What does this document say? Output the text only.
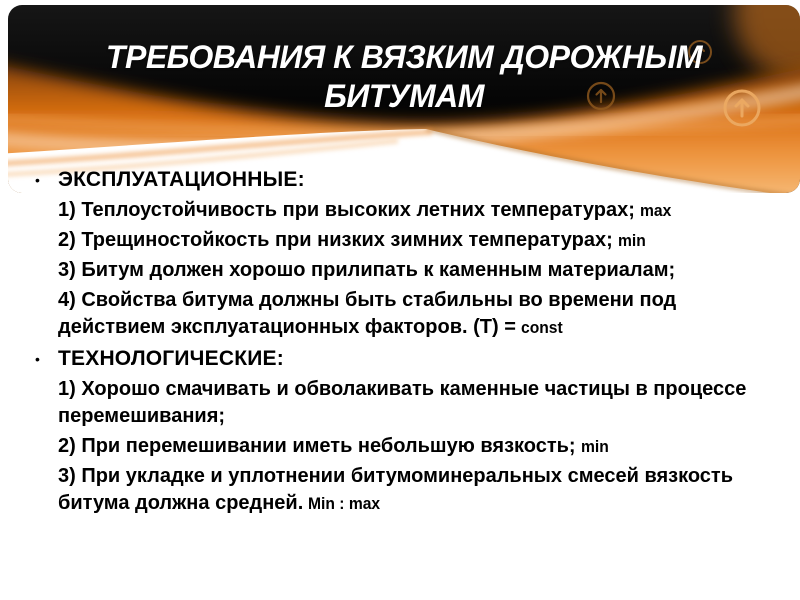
ТРЕБОВАНИЯ К ВЯЗКИМ ДОРОЖНЫМ БИТУМАМ
• ЭКСПЛУАТАЦИОННЫЕ:

1) Теплоустойчивость при высоких летних температурах; max

2) Трещиностойкость при низких зимних температурах; min

3) Битум должен хорошо прилипать к каменным материалам;

4) Свойства битума должны быть стабильны во времени под действием эксплуатационных факторов. (Т) = const

• ТЕХНОЛОГИЧЕСКИЕ:

1) Хорошо смачивать и обволакивать каменные частицы в процессе перемешивания;

2) При перемешивании иметь небольшую вязкость; min

3) При укладке и уплотнении битумоминеральных смесей вязкость битума должна средней. Min : max
